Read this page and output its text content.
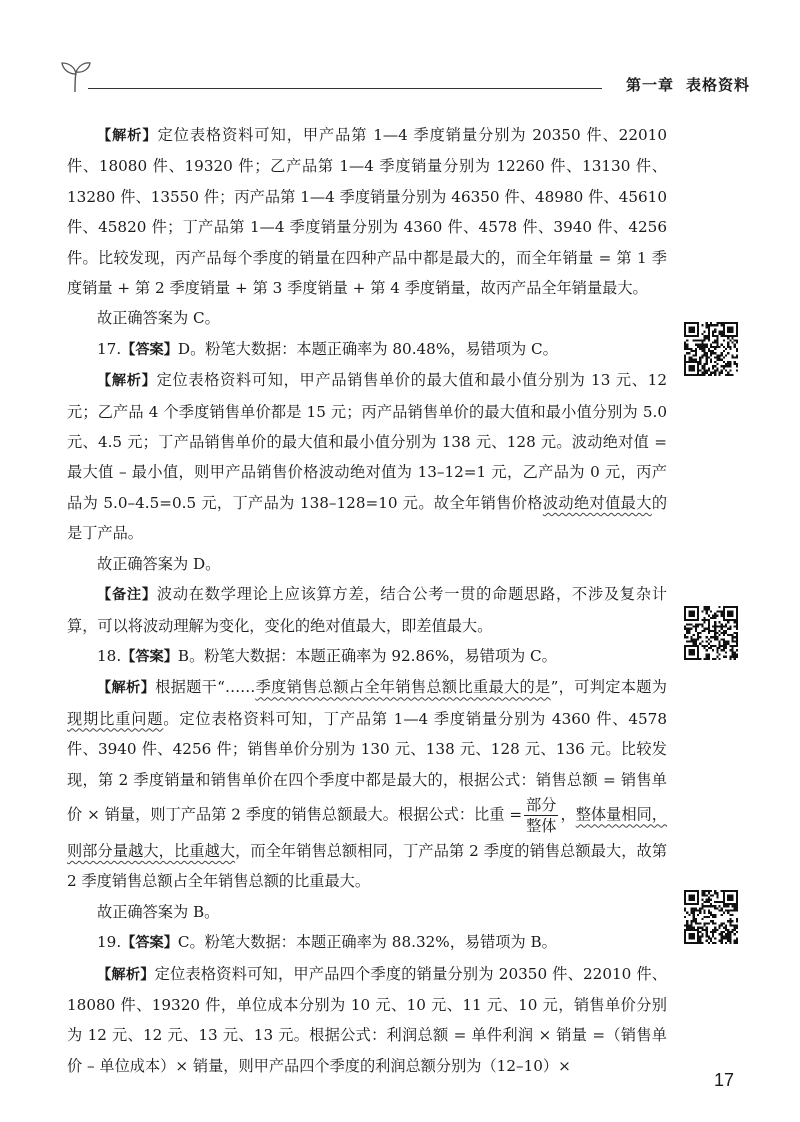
第一章 表格资料

【解析】定位表格资料可知，甲产品第 1—4 季度销量分别为 20350 件、22010 件、18080 件、19320 件；乙产品第 1—4 季度销量分别为 12260 件、13130 件、13280 件、13550 件；丙产品第 1—4 季度销量分别为 46350 件、48980 件、45610 件、45820 件；丁产品第 1—4 季度销量分别为 4360 件、4578 件、3940 件、4256 件。比较发现，丙产品每个季度的销量在四种产品中都是最大的，而全年销量 = 第 1 季度销量 + 第 2 季度销量 + 第 3 季度销量 + 第 4 季度销量，故丙产品全年销量最大。

故正确答案为 C。

17.【答案】D。粉笔大数据：本题正确率为 80.48%，易错项为 C。

【解析】定位表格资料可知，甲产品销售单价的最大值和最小值分别为 13 元、12 元；乙产品 4 个季度销售单价都是 15 元；丙产品销售单价的最大值和最小值分别为 5.0 元、4.5 元；丁产品销售单价的最大值和最小值分别为 138 元、128 元。波动绝对值 = 最大值 – 最小值，则甲产品销售价格波动绝对值为 13–12=1 元，乙产品为 0 元，丙产品为 5.0–4.5=0.5 元，丁产品为 138–128=10 元。故全年销售价格波动绝对值最大的是丁产品。

故正确答案为 D。

【备注】波动在数学理论上应该算方差，结合公考一贯的命题思路，不涉及复杂计算，可以将波动理解为变化，变化的绝对值最大，即差值最大。

18.【答案】B。粉笔大数据：本题正确率为 92.86%，易错项为 C。

【解析】根据题干“……季度销售总额占全年销售总额比重最大的是”，可判定本题为现期比重问题。定位表格资料可知，丁产品第 1—4 季度销量分别为 4360 件、4578 件、3940 件、4256 件；销售单价分别为 130 元、138 元、128 元、136 元。比较发现，第 2 季度销量和销售单价在四个季度中都是最大的，根据公式：销售总额 = 销售单价 × 销量，则丁产品第 2 季度的销售总额最大。根据公式：比重 = $\frac{\text{部分}}{\text{整体}}$ ，整体量相同，则部分量越大，比重越大，而全年销售总额相同，丁产品第 2 季度的销售总额最大，故第 2 季度销售总额占全年销售总额的比重最大。

故正确答案为 B。

19.【答案】C。粉笔大数据：本题正确率为 88.32%，易错项为 B。

【解析】定位表格资料可知，甲产品四个季度的销量分别为 20350 件、22010 件、18080 件、19320 件，单位成本分别为 10 元、10 元、11 元、10 元，销售单价分别为 12 元、12 元、13 元、13 元。根据公式：利润总额 = 单件利润 × 销量 =（销售单价 – 单位成本）× 销量，则甲产品四个季度的利润总额分别为（12–10）×

17
